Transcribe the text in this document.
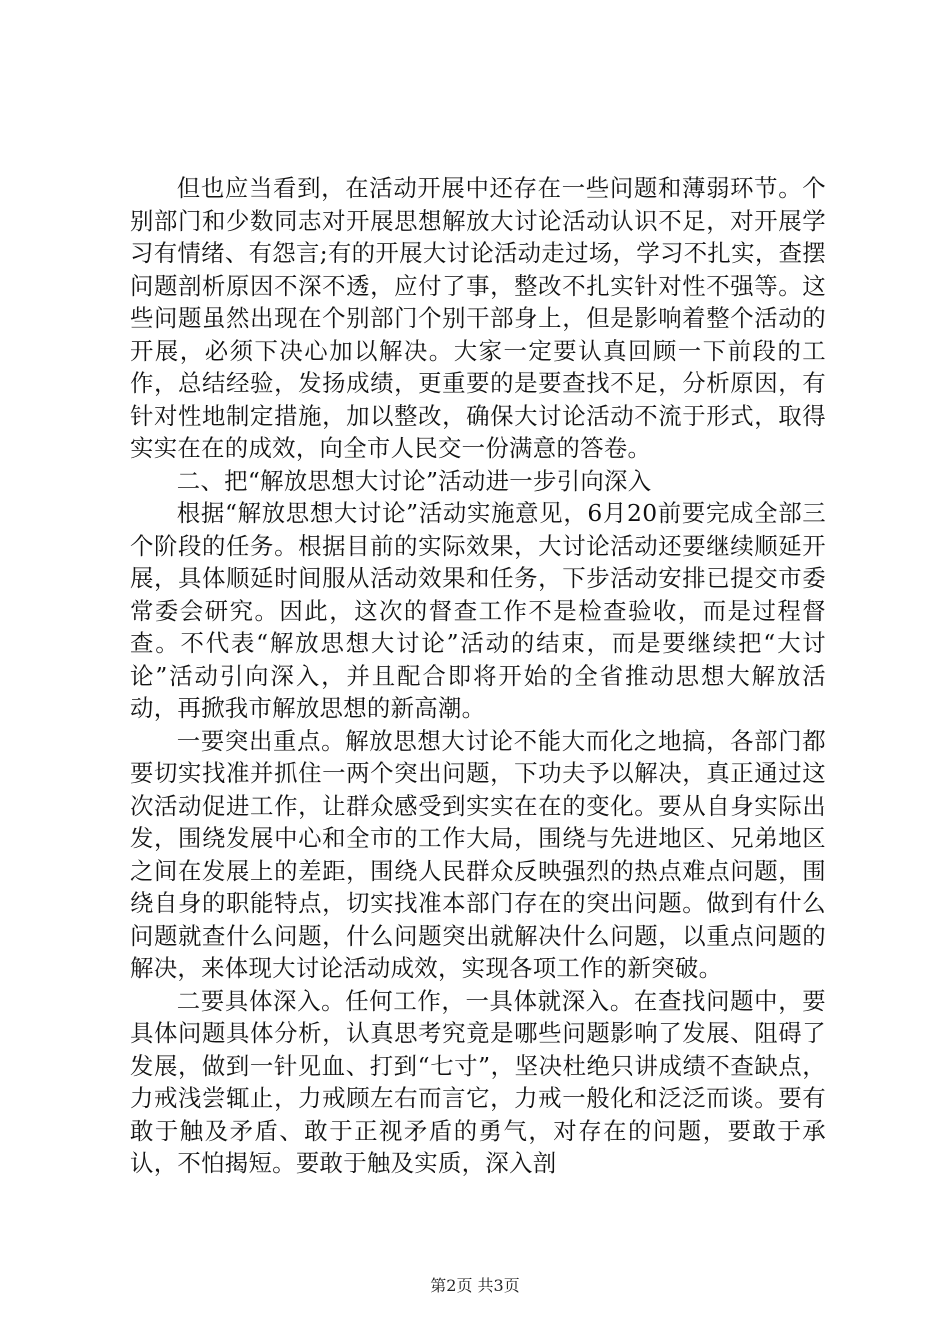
但也应当看到，在活动开展中还存在一些问题和薄弱环节。个别部门和少数同志对开展思想解放大讨论活动认识不足，对开展学习有情绪、有怨言;有的开展大讨论活动走过场，学习不扎实，查摆问题剖析原因不深不透，应付了事，整改不扎实针对性不强等。这些问题虽然出现在个别部门个别干部身上，但是影响着整个活动的开展，必须下决心加以解决。大家一定要认真回顾一下前段的工作，总结经验，发扬成绩，更重要的是要查找不足，分析原因，有针对性地制定措施，加以整改，确保大讨论活动不流于形式，取得实实在在的成效，向全市人民交一份满意的答卷。

二、把“解放思想大讨论”活动进一步引向深入

根据“解放思想大讨论”活动实施意见，6月20前要完成全部三个阶段的任务。根据目前的实际效果，大讨论活动还要继续顺延开展，具体顺延时间服从活动效果和任务，下步活动安排已提交市委常委会研究。因此，这次的督查工作不是检查验收，而是过程督查。不代表“解放思想大讨论”活动的结束，而是要继续把“大讨论”活动引向深入，并且配合即将开始的全省推动思想大解放活动，再掀我市解放思想的新高潮。

一要突出重点。解放思想大讨论不能大而化之地搞，各部门都要切实找准并抓住一两个突出问题，下功夫予以解决，真正通过这次活动促进工作，让群众感受到实实在在的变化。要从自身实际出发，围绕发展中心和全市的工作大局，围绕与先进地区、兄弟地区之间在发展上的差距，围绕人民群众反映强烈的热点难点问题，围绕自身的职能特点，切实找准本部门存在的突出问题。做到有什么问题就查什么问题，什么问题突出就解决什么问题，以重点问题的解决，来体现大讨论活动成效，实现各项工作的新突破。

二要具体深入。任何工作，一具体就深入。在查找问题中，要具体问题具体分析，认真思考究竟是哪些问题影响了发展、阻碍了发展，做到一针见血、打到“七寸”，坚决杜绝只讲成绩不查缺点，力戒浅尝辄止，力戒顾左右而言它，力戒一般化和泛泛而谈。要有敢于触及矛盾、敢于正视矛盾的勇气，对存在的问题，要敢于承认，不怕揭短。要敢于触及实质，深入剖

第2页 共3页
